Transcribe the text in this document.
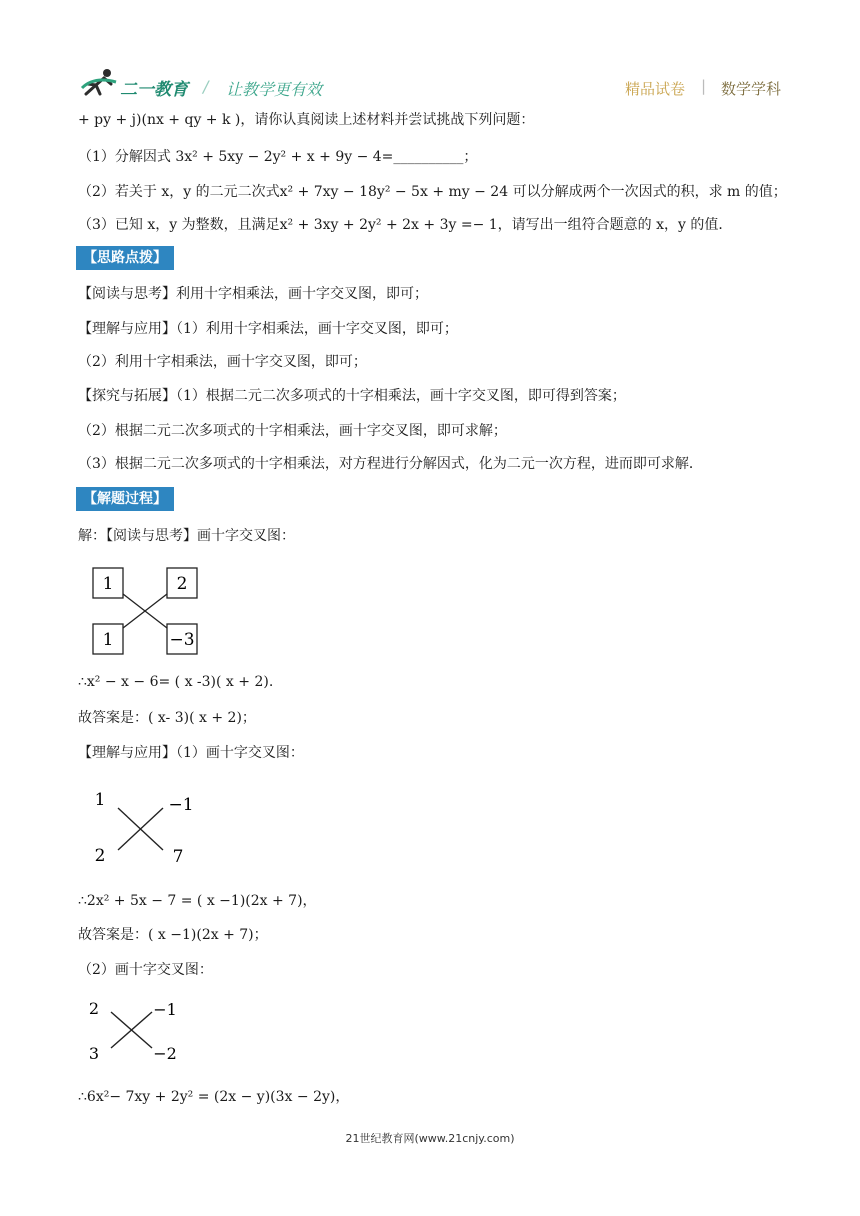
二一教育 / 让教学更有效	精品试卷 | 数学学科
+ py + j)(nx + qy + k )，请你认真阅读上述材料并尝试挑战下列问题：
（1）分解因式 3x² + 5xy − 2y² + x + 9y − 4=__________；
（2）若关于 x，y 的二元二次式x² + 7xy − 18y² − 5x + my − 24 可以分解成两个一次因式的积，求 m 的值；
（3）已知 x，y 为整数，且满足x² + 3xy + 2y² + 2x + 3y =− 1，请写出一组符合题意的 x，y 的值．
【思路点拨】
【阅读与思考】利用十字相乘法，画十字交叉图，即可；
【理解与应用】（1）利用十字相乘法，画十字交叉图，即可；
（2）利用十字相乘法，画十字交叉图，即可；
【探究与拓展】（1）根据二元二次多项式的十字相乘法，画十字交叉图，即可得到答案；
（2）根据二元二次多项式的十字相乘法，画十字交叉图，即可求解；
（3）根据二元二次多项式的十字相乘法，对方程进行分解因式，化为二元一次方程，进而即可求解．
【解题过程】
解：【阅读与思考】画十字交叉图：
1	2
1	−3
∴x² − x − 6= ( x -3)( x + 2).
故答案是：( x- 3)( x + 2)；
【理解与应用】（1）画十字交叉图：
1	−1
2	7
∴2x² + 5x − 7 = ( x −1)(2x + 7)，
故答案是：( x −1)(2x + 7)；
（2）画十字交叉图：
2	−1
3	−2
∴6x²− 7xy + 2y² = (2x − y)(3x − 2y)，
21世纪教育网(www.21cnjy.com)
